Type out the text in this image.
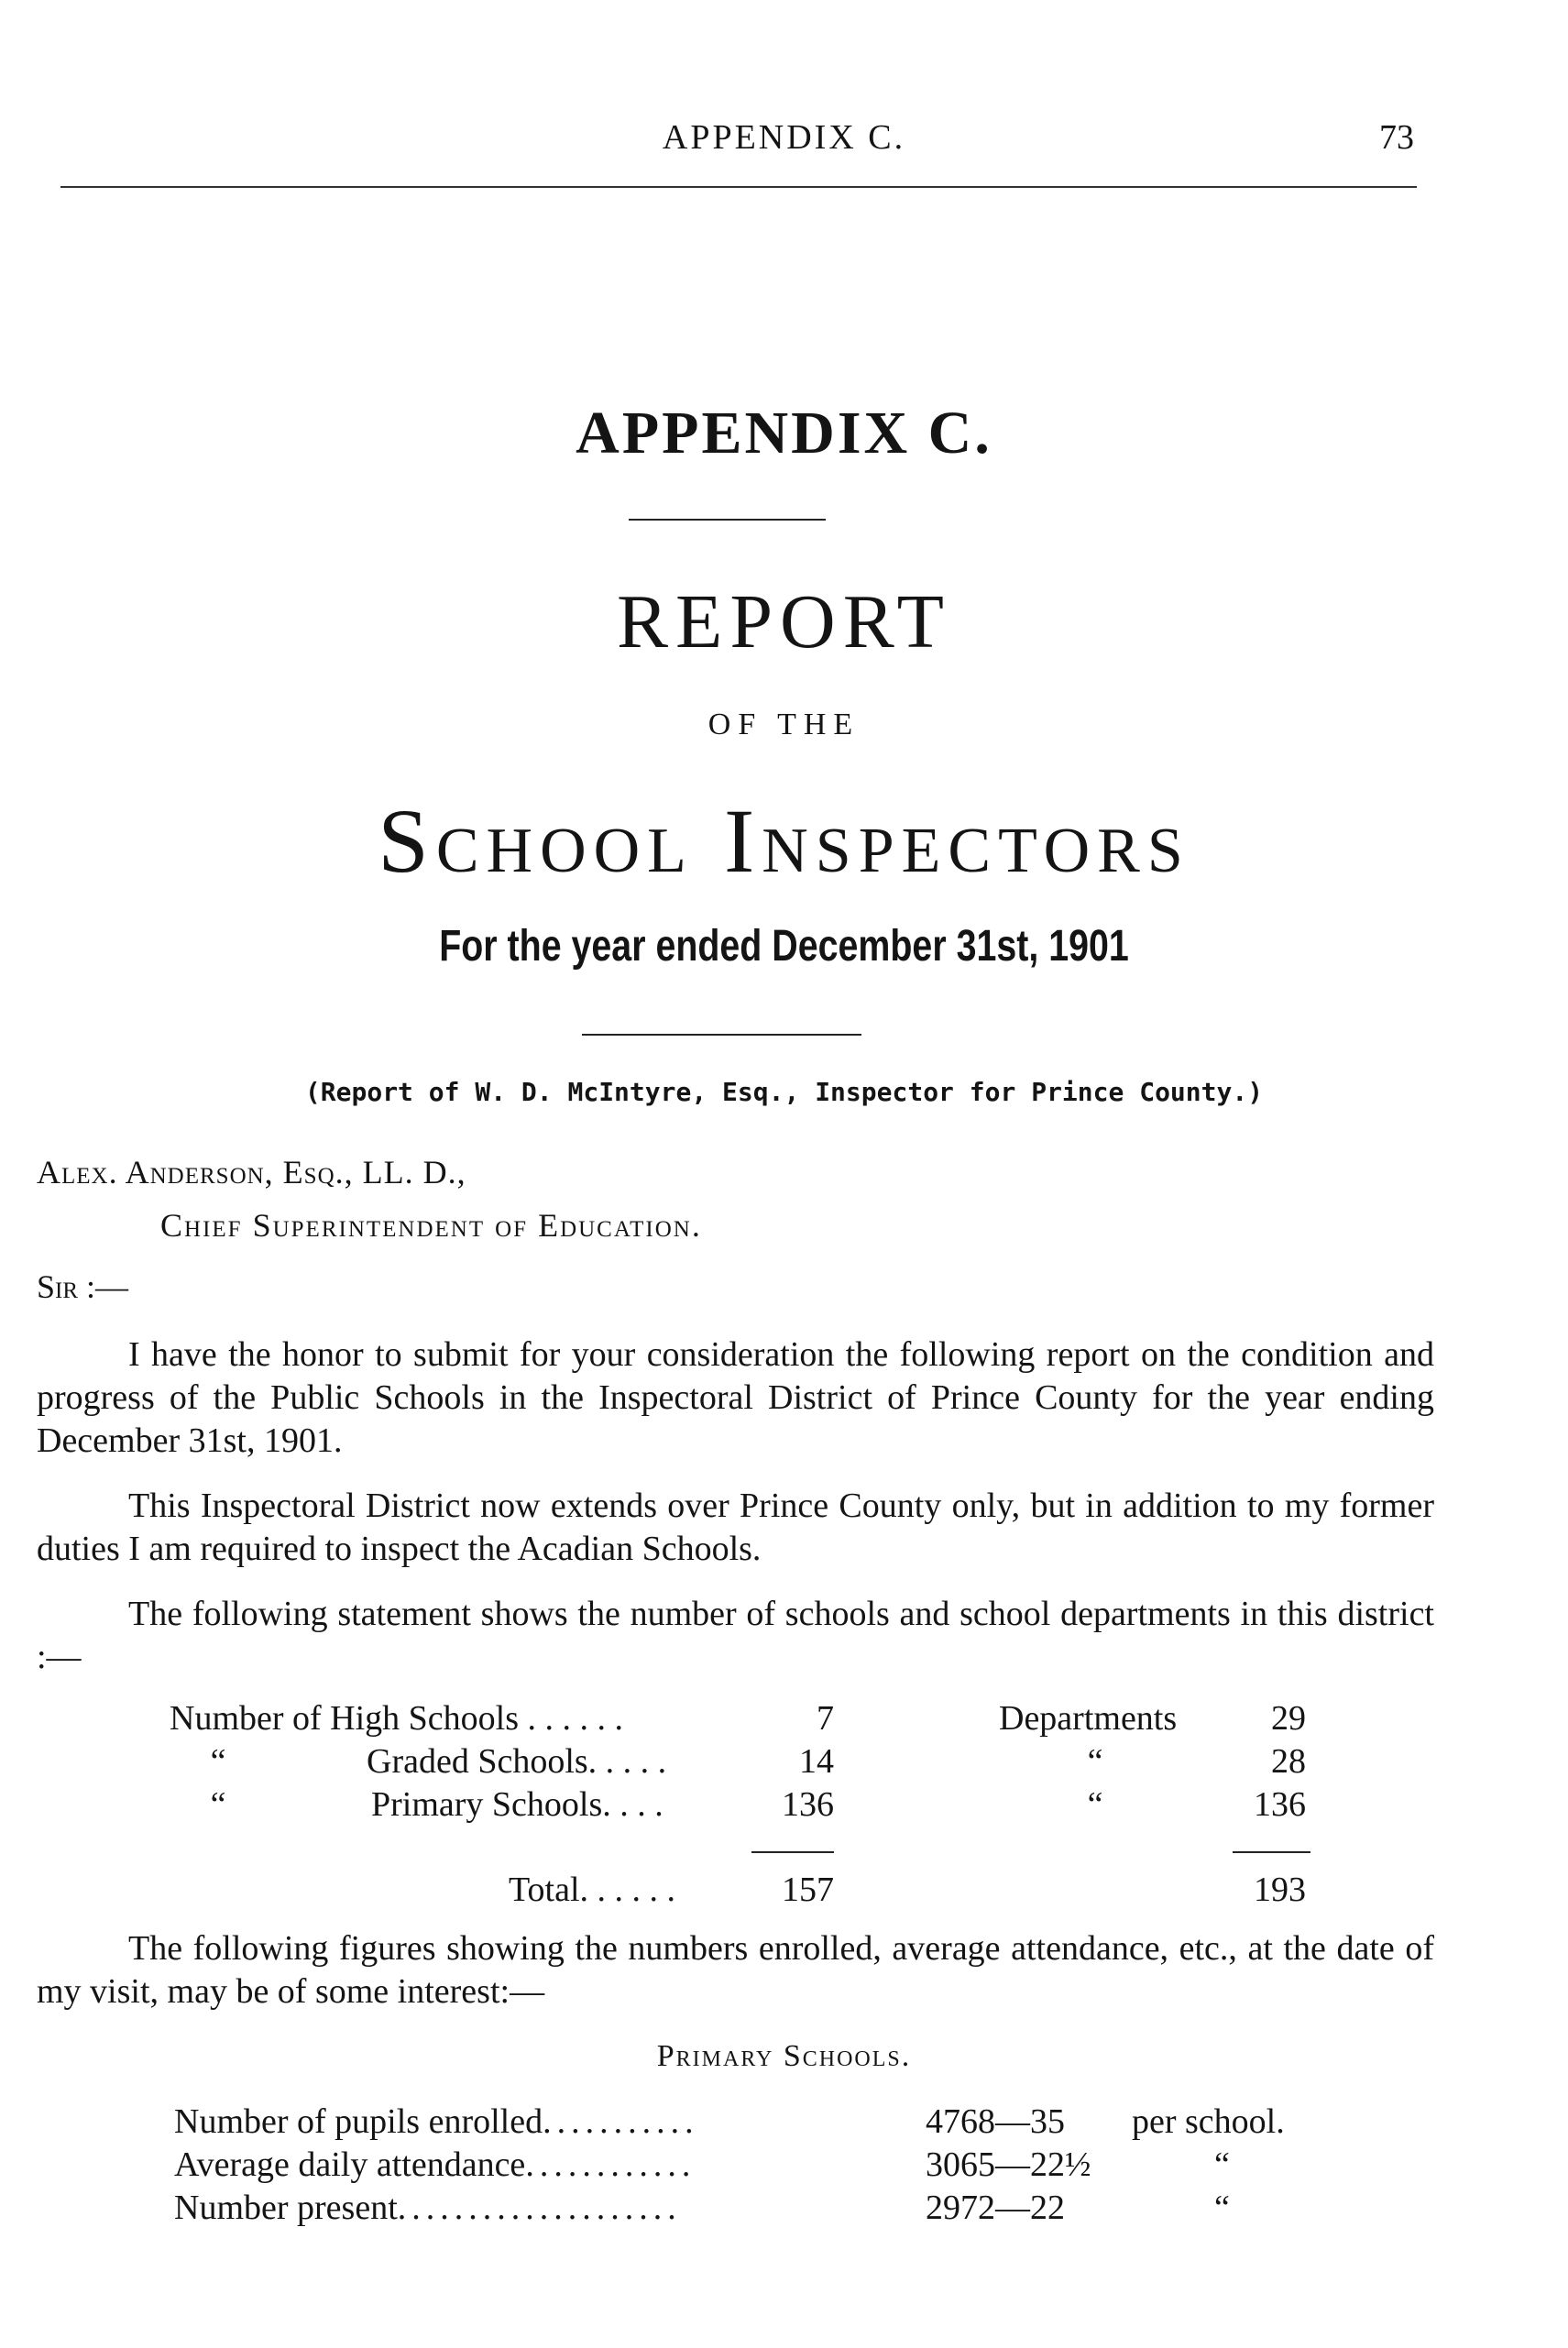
APPENDIX C.	73
APPENDIX C.
REPORT
OF THE
School Inspectors
For the year ended December 31st, 1901
(Report of W. D. McIntyre, Esq., Inspector for Prince County.)
Alex. Anderson, Esq., LL. D.,
Chief Superintendent of Education.
Sir :—

I have the honor to submit for your consideration the following report on the condition and progress of the Public Schools in the Inspectoral District of Prince County for the year ending December 31st, 1901.

This Inspectoral District now extends over Prince County only, but in addition to my former duties I am required to inspect the Acadian Schools.

The following statement shows the number of schools and school departments in this district :—

Number of High Schools . . . . . .	7	Departments	29
“	Graded Schools. . . . .	14	“	28
“	Primary Schools. . . .	136	“	136
Total. . . . . .	157	193

The following figures showing the numbers enrolled, average attendance, etc., at the date of my visit, may be of some interest:—

Primary Schools.
Number of pupils enrolled...........	4768—35 per school.
Average daily attendance............	3065—22½	“
Number present....................	2972—22	“
